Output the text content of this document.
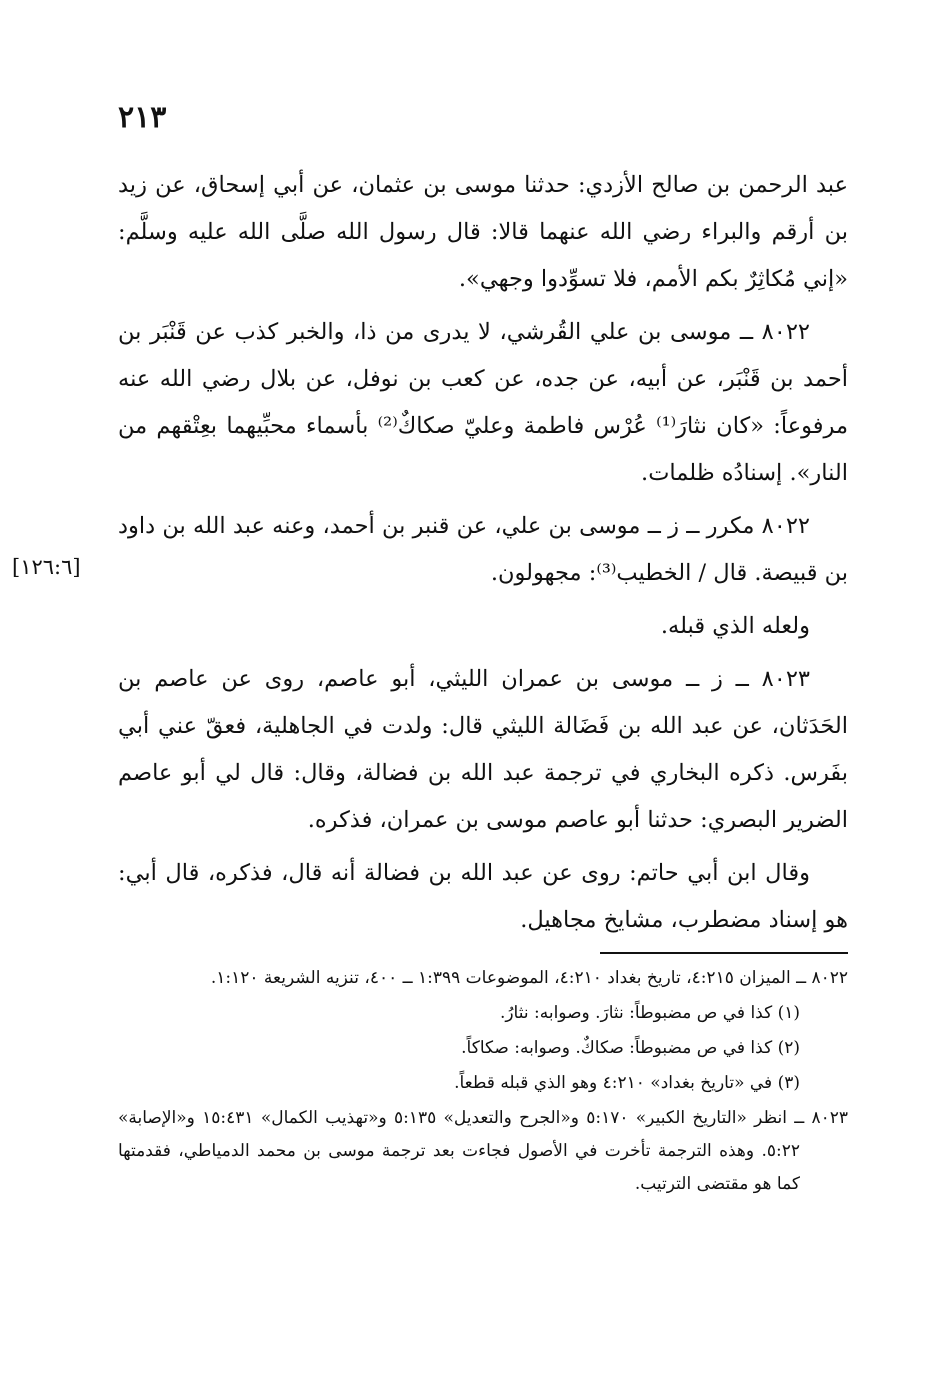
٢١٣
[١٢٦:٦]

عبد الرحمن بن صالح الأزدي: حدثنا موسى بن عثمان، عن أبي إسحاق، عن زيد بن أرقم والبراء رضي الله عنهما قالا: قال رسول الله صلَّى الله عليه وسلَّم: «إني مُكاثِرٌ بكم الأمم، فلا تسوِّدوا وجهي».

٨٠٢٢ ــ موسى بن علي القُرشي، لا يدرى من ذا، والخبر كذب عن قَنْبَر بن أحمد بن قَنْبَر، عن أبيه، عن جده، عن كعب بن نوفل، عن بلال رضي الله عنه مرفوعاً: «كان نثارَ⁽¹⁾ عُرْس فاطمة وعليّ صكاكٌ⁽²⁾ بأسماء محبِّيهما بعِتْقهم من النار». إسنادُه ظلمات.

٨٠٢٢ مكرر ــ ز ــ موسى بن علي، عن قنبر بن أحمد، وعنه عبد الله بن داود بن قبيصة. قال / الخطيب⁽³⁾: مجهولون.

ولعله الذي قبله.

٨٠٢٣ ــ ز ــ موسى بن عمران الليثي، أبو عاصم، روى عن عاصم بن الحَدَثان، عن عبد الله بن فَضَالة الليثي قال: ولدت في الجاهلية، فعقّ عني أبي بفَرس. ذكره البخاري في ترجمة عبد الله بن فضالة، وقال: قال لي أبو عاصم الضرير البصري: حدثنا أبو عاصم موسى بن عمران، فذكره.

وقال ابن أبي حاتم: روى عن عبد الله بن فضالة أنه قال، فذكره، قال أبي: هو إسناد مضطرب، مشايخ مجاهيل.

٨٠٢٢ ــ الميزان ٤:٢١٥، تاريخ بغداد ٤:٢١٠، الموضوعات ١:٣٩٩ ــ ٤٠٠، تنزيه الشريعة ١:١٢٠.

(١) كذا في ص مضبوطاً: نثارَ. وصوابه: نثارُ.

(٢) كذا في ص مضبوطاً: صكاكٌ. وصوابه: صكاكاً.

(٣) في «تاريخ بغداد» ٤:٢١٠ وهو الذي قبله قطعاً.

٨٠٢٣ ــ انظر «التاريخ الكبير» ٥:١٧٠ و«الجرح والتعديل» ٥:١٣٥ و«تهذيب الكمال» ١٥:٤٣١ و«الإصابة» ٥:٢٢. وهذه الترجمة تأخرت في الأصول فجاءت بعد ترجمة موسى بن محمد الدمياطي، فقدمتها كما هو مقتضى الترتيب.
